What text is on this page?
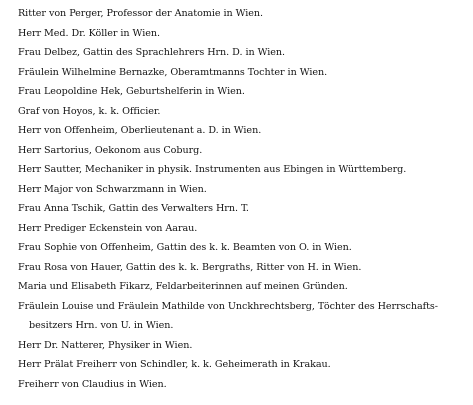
Ritter von Perger, Professor der Anatomie in Wien.
Herr Med. Dr. Köller in Wien.
Frau Delbez, Gattin des Sprachlehrers Hrn. D. in Wien.
Fräulein Wilhelmine Bernazke, Oberamtmanns Tochter in Wien.
Frau Leopoldine Hek, Geburtshelferin in Wien.
Graf von Hoyos, k. k. Officier.
Herr von Offenheim, Oberlieutenant a. D. in Wien.
Herr Sartorius, Oekonom aus Coburg.
Herr Sautter, Mechaniker in physik. Instrumenten aus Ebingen in Württemberg.
Herr Major von Schwarzmann in Wien.
Frau Anna Tschik, Gattin des Verwalters Hrn. T.
Herr Prediger Eckenstein von Aarau.
Frau Sophie von Offenheim, Gattin des k. k. Beamten von O. in Wien.
Frau Rosa von Hauer, Gattin des k. k. Bergraths, Ritter von H. in Wien.
Maria und Elisabeth Fikarz, Feldarbeiterinnen auf meinen Gründen.
Fräulein Louise und Fräulein Mathilde von Unckhrechtsberg, Töchter des Herrschafts-
besitzers Hrn. von U. in Wien.
Herr Dr. Natterer, Physiker in Wien.
Herr Prälat Freiherr von Schindler, k. k. Geheimerath in Krakau.
Freiherr von Claudius in Wien.
